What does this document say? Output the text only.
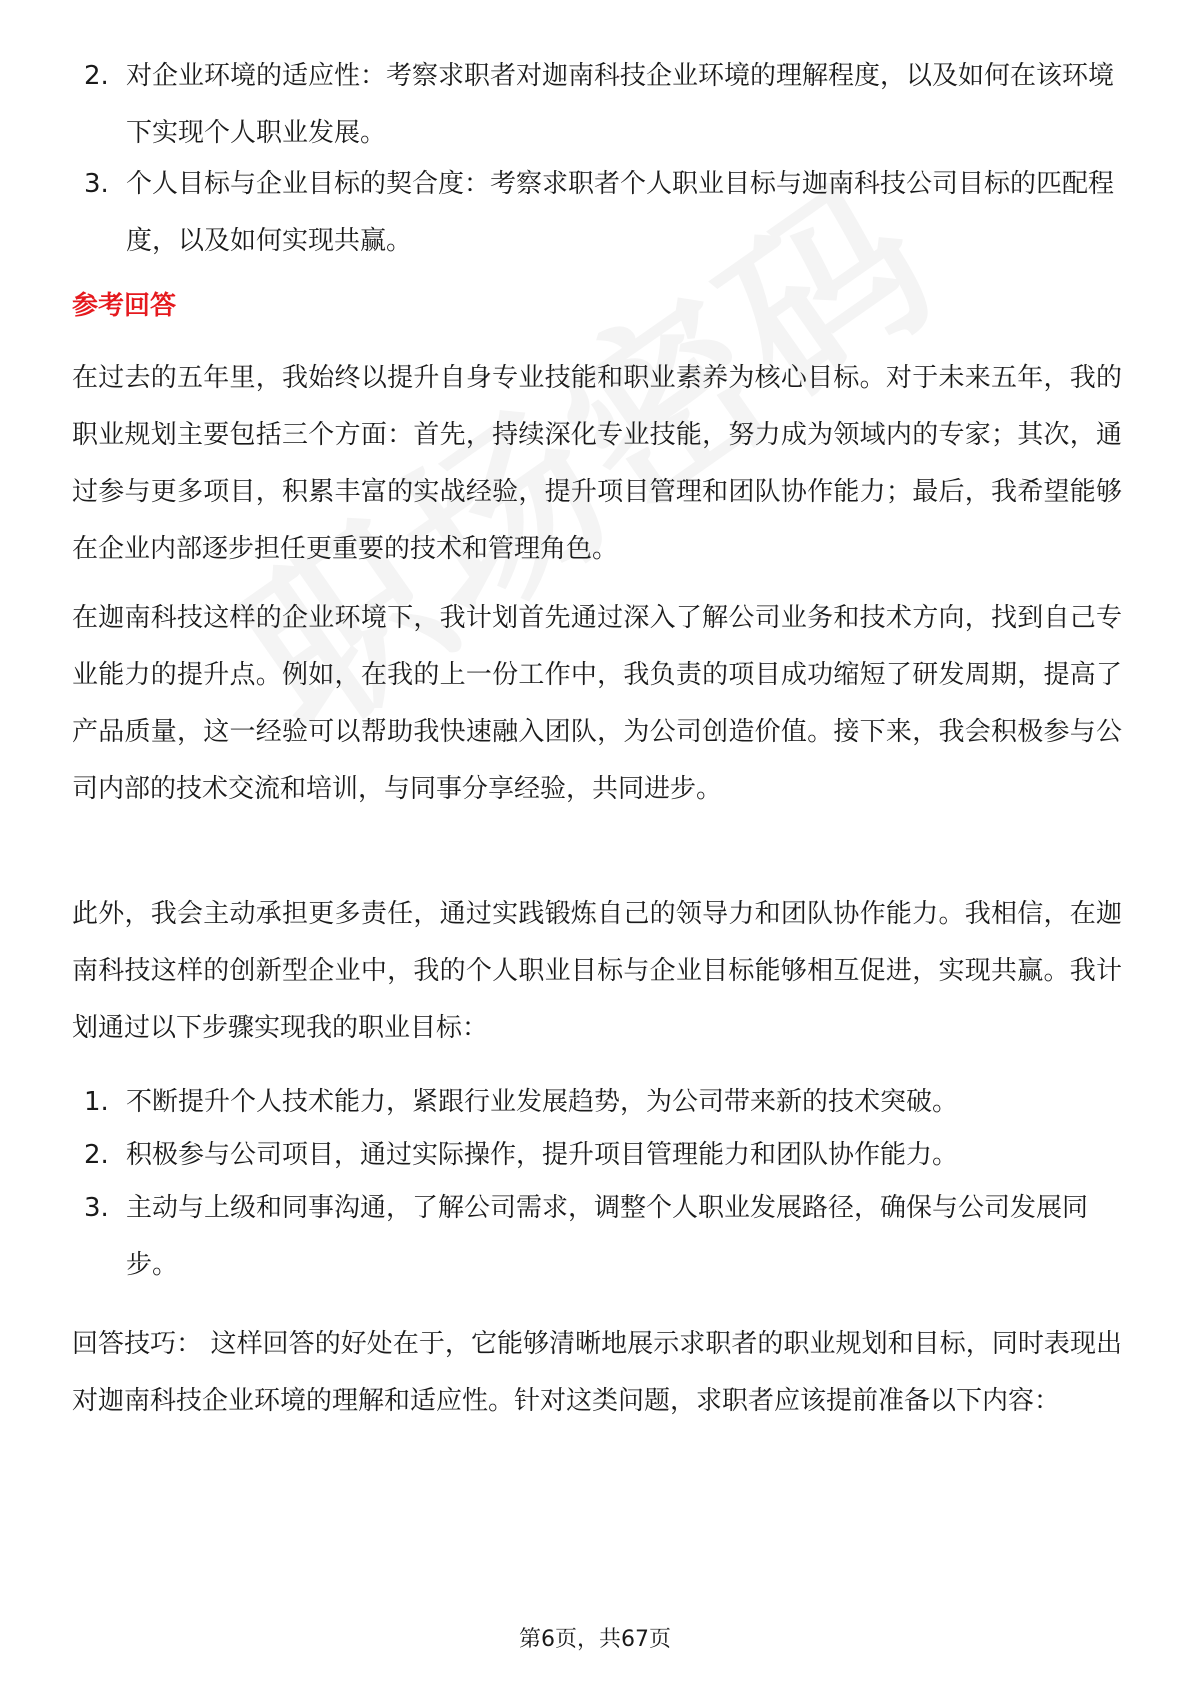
2. 对企业环境的适应性：考察求职者对迦南科技企业环境的理解程度，以及如何在该环境下实现个人职业发展。
3. 个人目标与企业目标的契合度：考察求职者个人职业目标与迦南科技公司目标的匹配程度，以及如何实现共赢。
参考回答
在过去的五年里，我始终以提升自身专业技能和职业素养为核心目标。对于未来五年，我的职业规划主要包括三个方面：首先，持续深化专业技能，努力成为领域内的专家；其次，通过参与更多项目，积累丰富的实战经验，提升项目管理和团队协作能力；最后，我希望能够在企业内部逐步担任更重要的技术和管理角色。
在迦南科技这样的企业环境下，我计划首先通过深入了解公司业务和技术方向，找到自己专业能力的提升点。例如，在我的上一份工作中，我负责的项目成功缩短了研发周期，提高了产品质量，这一经验可以帮助我快速融入团队，为公司创造价值。接下来，我会积极参与公司内部的技术交流和培训，与同事分享经验，共同进步。
此外，我会主动承担更多责任，通过实践锻炼自己的领导力和团队协作能力。我相信，在迦南科技这样的创新型企业中，我的个人职业目标与企业目标能够相互促进，实现共赢。我计划通过以下步骤实现我的职业目标：
1. 不断提升个人技术能力，紧跟行业发展趋势，为公司带来新的技术突破。
2. 积极参与公司项目，通过实际操作，提升项目管理能力和团队协作能力。
3. 主动与上级和同事沟通，了解公司需求，调整个人职业发展路径，确保与公司发展同步。
回答技巧： 这样回答的好处在于，它能够清晰地展示求职者的职业规划和目标，同时表现出对迦南科技企业环境的理解和适应性。针对这类问题，求职者应该提前准备以下内容：
第6页，共67页
